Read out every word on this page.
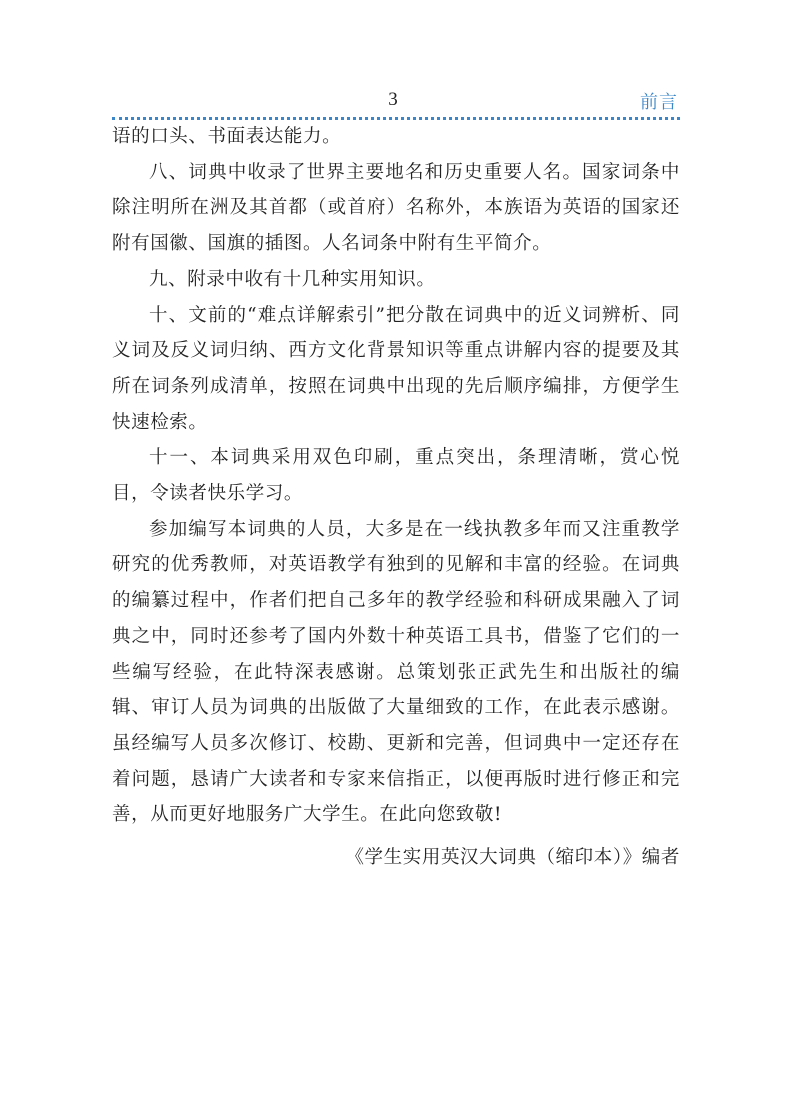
3	前言

语的口头、书面表达能力。

八、词典中收录了世界主要地名和历史重要人名。国家词条中除注明所在洲及其首都（或首府）名称外，本族语为英语的国家还附有国徽、国旗的插图。人名词条中附有生平简介。

九、附录中收有十几种实用知识。

十、文前的“难点详解索引”把分散在词典中的近义词辨析、同义词及反义词归纳、西方文化背景知识等重点讲解内容的提要及其所在词条列成清单，按照在词典中出现的先后顺序编排，方便学生快速检索。

十一、本词典采用双色印刷，重点突出，条理清晰，赏心悦目，令读者快乐学习。

参加编写本词典的人员，大多是在一线执教多年而又注重教学研究的优秀教师，对英语教学有独到的见解和丰富的经验。在词典的编纂过程中，作者们把自己多年的教学经验和科研成果融入了词典之中，同时还参考了国内外数十种英语工具书，借鉴了它们的一些编写经验，在此特深表感谢。总策划张正武先生和出版社的编辑、审订人员为词典的出版做了大量细致的工作，在此表示感谢。虽经编写人员多次修订、校勘、更新和完善，但词典中一定还存在着问题，恳请广大读者和专家来信指正，以便再版时进行修正和完善，从而更好地服务广大学生。在此向您致敬!

《学生实用英汉大词典（缩印本）》编者
